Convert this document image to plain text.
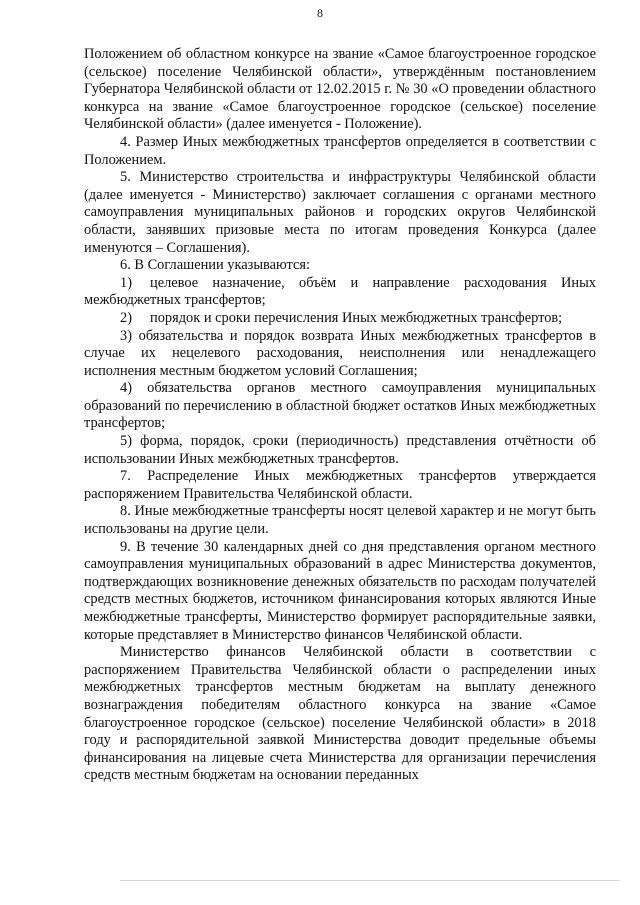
8

Положением об областном конкурсе на звание «Самое благоустроенное городское (сельское) поселение Челябинской области», утверждённым постановлением Губернатора Челябинской области от 12.02.2015 г. № 30 «О проведении областного конкурса на звание «Самое благоустроенное городское (сельское) поселение Челябинской области» (далее именуется - Положение).

4. Размер Иных межбюджетных трансфертов определяется в соответствии с Положением.

5. Министерство строительства и инфраструктуры Челябинской области (далее именуется - Министерство) заключает соглашения с органами местного самоуправления муниципальных районов и городских округов Челябинской области, занявших призовые места по итогам проведения Конкурса (далее именуются – Соглашения).

6. В Соглашении указываются:

1) целевое назначение, объём и направление расходования Иных межбюджетных трансфертов;

2) порядок и сроки перечисления Иных межбюджетных трансфертов;

3) обязательства и порядок возврата Иных межбюджетных трансфертов в случае их нецелевого расходования, неисполнения или ненадлежащего исполнения местным бюджетом условий Соглашения;

4) обязательства органов местного самоуправления муниципальных образований по перечислению в областной бюджет остатков Иных межбюджетных трансфертов;

5) форма, порядок, сроки (периодичность) представления отчётности об использовании Иных межбюджетных трансфертов.

7. Распределение Иных межбюджетных трансфертов утверждается распоряжением Правительства Челябинской области.

8. Иные межбюджетные трансферты носят целевой характер и не могут быть использованы на другие цели.

9. В течение 30 календарных дней со дня представления органом местного самоуправления муниципальных образований в адрес Министерства документов, подтверждающих возникновение денежных обязательств по расходам получателей средств местных бюджетов, источником финансирования которых являются Иные межбюджетные трансферты, Министерство формирует распорядительные заявки, которые представляет в Министерство финансов Челябинской области.

Министерство финансов Челябинской области в соответствии с распоряжением Правительства Челябинской области о распределении иных межбюджетных трансфертов местным бюджетам на выплату денежного вознаграждения победителям областного конкурса на звание «Самое благоустроенное городское (сельское) поселение Челябинской области» в 2018 году и распорядительной заявкой Министерства доводит предельные объемы финансирования на лицевые счета Министерства для организации перечисления средств местным бюджетам на основании переданных
